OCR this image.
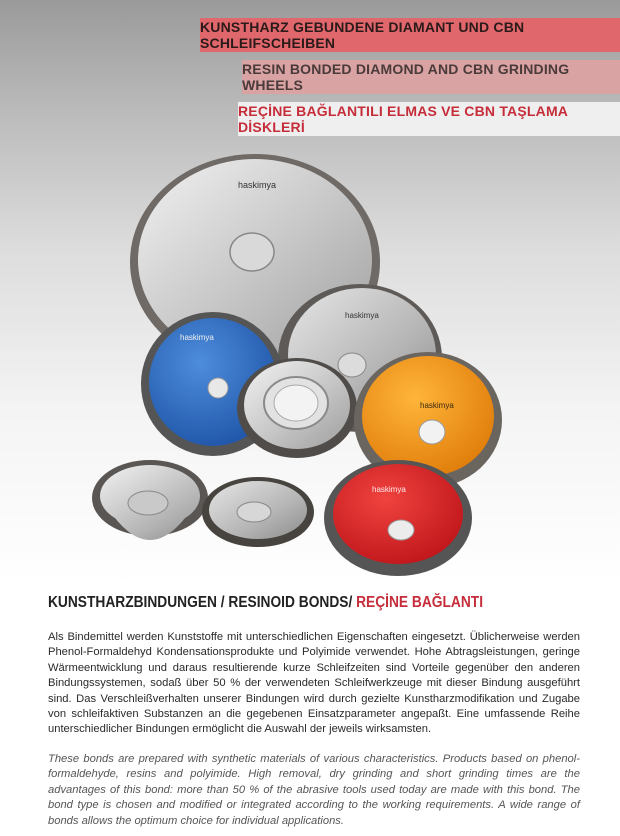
KUNSTHARZ GEBUNDENE DIAMANT UND CBN SCHLEIFSCHEIBEN
RESIN BONDED DIAMOND AND CBN GRINDING WHEELS
REÇİNE BAĞLANTILI ELMAS VE CBN TAŞLAMA DİSKLERİ
haskimya
haskimya
haskimya
haskimya
haskimya
KUNSTHARZBINDUNGEN / RESINOID BONDS/ REÇİNE BAĞLANTI

Als Bindemittel werden Kunststoffe mit unterschiedlichen Eigenschaften eingesetzt. Üblicherweise werden Phenol-Formaldehyd Kondensationsprodukte und Polyimide verwendet. Hohe Abtragsleistungen, geringe Wärmeentwicklung und daraus resultierende kurze Schleifzeiten sind Vorteile gegenüber den anderen Bindungssystemen, sodaß über 50 % der verwendeten Schleifwerkzeuge mit dieser Bindung ausgeführt sind. Das Verschleißverhalten unserer Bindungen wird durch gezielte Kunstharzmodifikation und Zugabe von schleifaktiven Substanzen an die gegebenen Einsatzparameter angepaßt. Eine umfassende Reihe unterschiedlicher Bindungen ermöglicht die Auswahl der jeweils wirksamsten.

These bonds are prepared with synthetic materials of various characteristics. Products based on phenol-formaldehyde, resins and polyimide. High removal, dry grinding and short grinding times are the advantages of this bond: more than 50 % of the abrasive tools used today are made with this bond. The bond type is chosen and modified or integrated according to the working requirements. A wide range of bonds allows the optimum choice for individual applications.
